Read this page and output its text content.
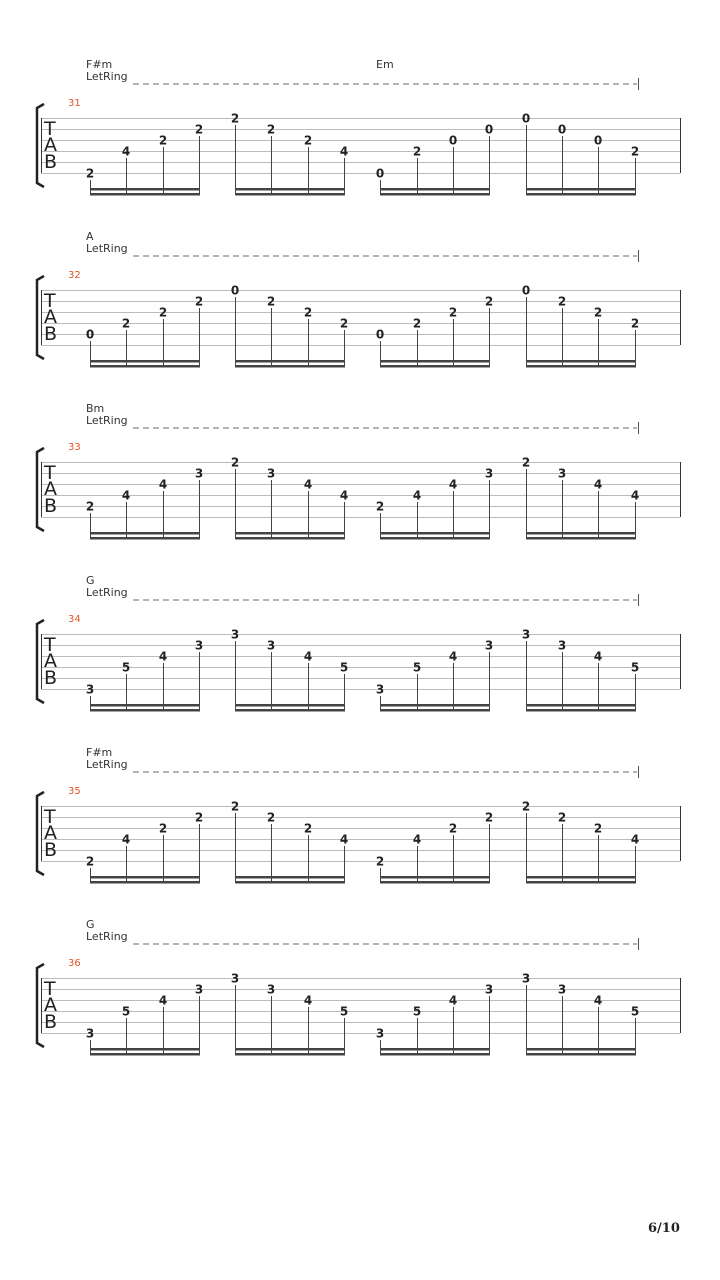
F#m	Em
LetRing
31
T
A
B
2
4
2
2
2
2
2
4
0
2
0
0
0
0
0
2
A
LetRing
32
T
A
B 0
2
2
2
0
2
2
2
0
2
2
2
0
2
2
2
Bm
LetRing
33
T
A
B 2
4
4
3
2
3
4
4
2
4
4
3
2
3
4
4
G
LetRing
34
T
A
B
3
5
4
3
3
3
4
5
3
5
4
3
3
3
4
5
F#m
LetRing
35
T
A
B
2
4
2
2
2
2
2
4
2
4
2
2
2
2
2
4
G
LetRing
36
T
A
B
3
5
4
3
3
3
4
5
3
5
4
3
3
3
4
5
6/10
